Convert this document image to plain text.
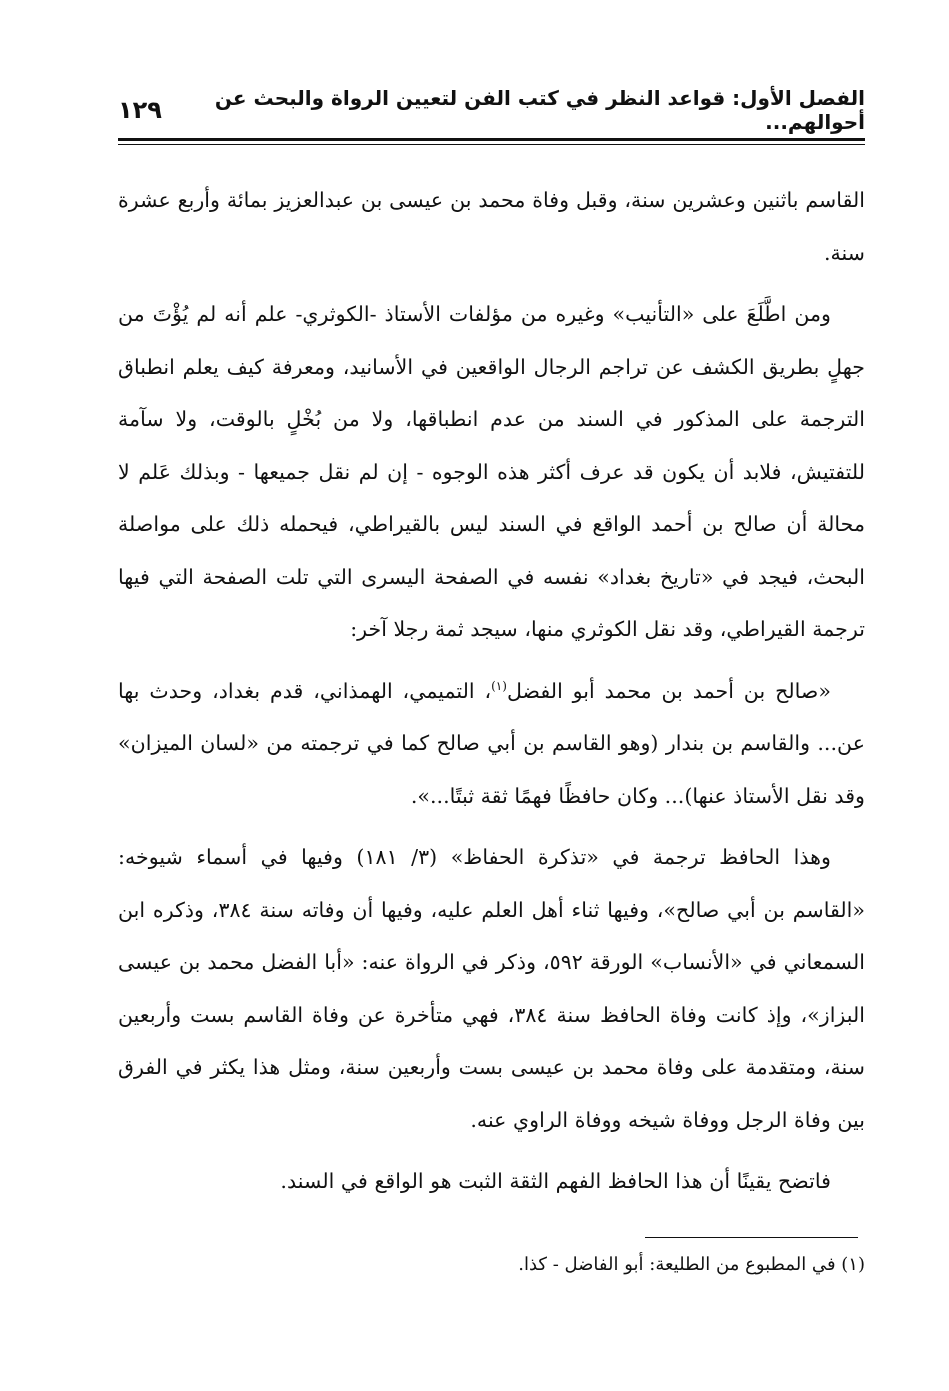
الفصل الأول: قواعد النظر في كتب الفن لتعيين الرواة والبحث عن أحوالهم...
١٢٩

القاسم باثنين وعشرين سنة، وقبل وفاة محمد بن عيسى بن عبدالعزيز بمائة وأربع عشرة سنة.

ومن اطَّلَعَ على «التأنيب» وغيره من مؤلفات الأستاذ -الكوثري- علم أنه لم يُؤْتَ من جهلٍ بطريق الكشف عن تراجم الرجال الواقعين في الأسانيد، ومعرفة كيف يعلم انطباق الترجمة على المذكور في السند من عدم انطباقها، ولا من بُخْلٍ بالوقت، ولا سآمة للتفتيش، فلابد أن يكون قد عرف أكثر هذه الوجوه - إن لم نقل جميعها - وبذلك عَلم لا محالة أن صالح بن أحمد الواقع في السند ليس بالقيراطي، فيحمله ذلك على مواصلة البحث، فيجد في «تاريخ بغداد» نفسه في الصفحة اليسرى التي تلت الصفحة التي فيها ترجمة القيراطي، وقد نقل الكوثري منها، سيجد ثمة رجلا آخر:

«صالح بن أحمد بن محمد أبو الفضل$^{(١)}$، التميمي، الهمذاني، قدم بغداد، وحدث بها عن... والقاسم بن بندار (وهو القاسم بن أبي صالح كما في ترجمته من «لسان الميزان» وقد نقل الأستاذ عنها)... وكان حافظًا فهمًا ثقة ثبتًا...».

وهذا الحافظ ترجمة في «تذكرة الحفاظ» (٣/ ١٨١) وفيها في أسماء شيوخه: «القاسم بن أبي صالح»، وفيها ثناء أهل العلم عليه، وفيها أن وفاته سنة ٣٨٤، وذكره ابن السمعاني في «الأنساب» الورقة ٥٩٢، وذكر في الرواة عنه: «أبا الفضل محمد بن عيسى البزاز»، وإذ كانت وفاة الحافظ سنة ٣٨٤، فهي متأخرة عن وفاة القاسم بست وأربعين سنة، ومتقدمة على وفاة محمد بن عيسى بست وأربعين سنة، ومثل هذا يكثر في الفرق بين وفاة الرجل ووفاة شيخه ووفاة الراوي عنه.

فاتضح يقينًا أن هذا الحافظ الفهم الثقة الثبت هو الواقع في السند.

(١) في المطبوع من الطليعة: أبو الفاضل - كذا.
